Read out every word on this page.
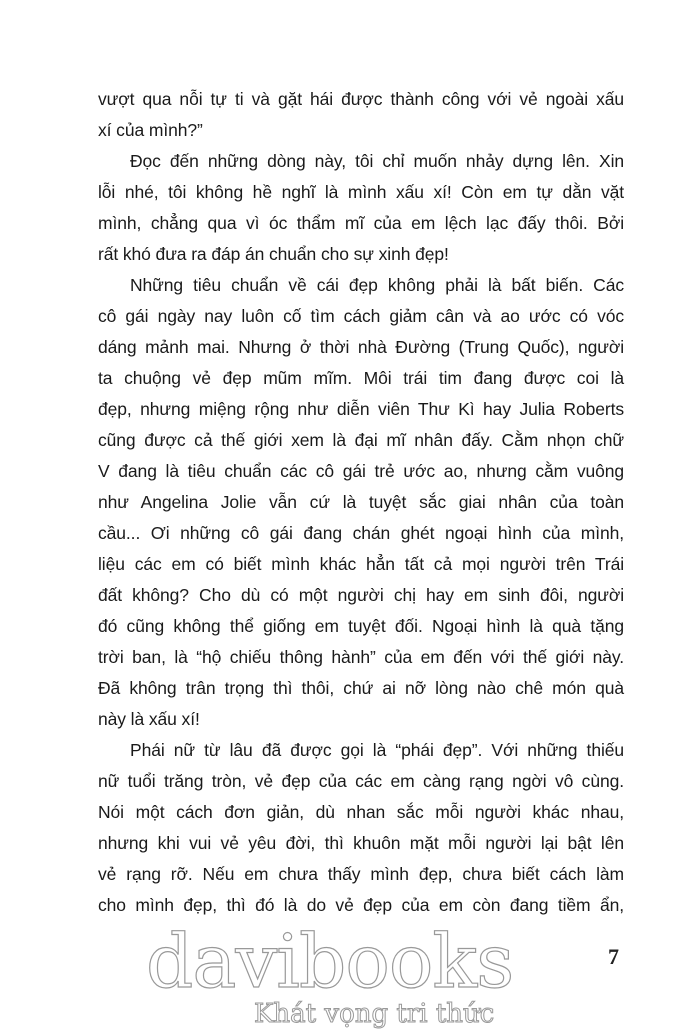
vượt qua nỗi tự ti và gặt hái được thành công với vẻ ngoài xấu
xí của mình?”
Đọc đến những dòng này, tôi chỉ muốn nhảy dựng lên. Xin
lỗi nhé, tôi không hề nghĩ là mình xấu xí! Còn em tự dằn vặt
mình, chẳng qua vì óc thẩm mĩ của em lệch lạc đấy thôi. Bởi
rất khó đưa ra đáp án chuẩn cho sự xinh đẹp!
Những tiêu chuẩn về cái đẹp không phải là bất biến. Các
cô gái ngày nay luôn cố tìm cách giảm cân và ao ước có vóc
dáng mảnh mai. Nhưng ở thời nhà Đường (Trung Quốc), người
ta chuộng vẻ đẹp mũm mĩm. Môi trái tim đang được coi là
đẹp, nhưng miệng rộng như diễn viên Thư Kì hay Julia Roberts
cũng được cả thế giới xem là đại mĩ nhân đấy. Cằm nhọn chữ
V đang là tiêu chuẩn các cô gái trẻ ước ao, nhưng cằm vuông
như Angelina Jolie vẫn cứ là tuyệt sắc giai nhân của toàn
cầu... Ơi những cô gái đang chán ghét ngoại hình của mình,
liệu các em có biết mình khác hẳn tất cả mọi người trên Trái
đất không? Cho dù có một người chị hay em sinh đôi, người
đó cũng không thể giống em tuyệt đối. Ngoại hình là quà tặng
trời ban, là “hộ chiếu thông hành” của em đến với thế giới này.
Đã không trân trọng thì thôi, chứ ai nỡ lòng nào chê món quà
này là xấu xí!
Phái nữ từ lâu đã được gọi là “phái đẹp”. Với những thiếu
nữ tuổi trăng tròn, vẻ đẹp của các em càng rạng ngời vô cùng.
Nói một cách đơn giản, dù nhan sắc mỗi người khác nhau,
nhưng khi vui vẻ yêu đời, thì khuôn mặt mỗi người lại bật lên
vẻ rạng rỡ. Nếu em chưa thấy mình đẹp, chưa biết cách làm
cho mình đẹp, thì đó là do vẻ đẹp của em còn đang tiềm ẩn,
davibooks
Khát vọng tri thức
7
